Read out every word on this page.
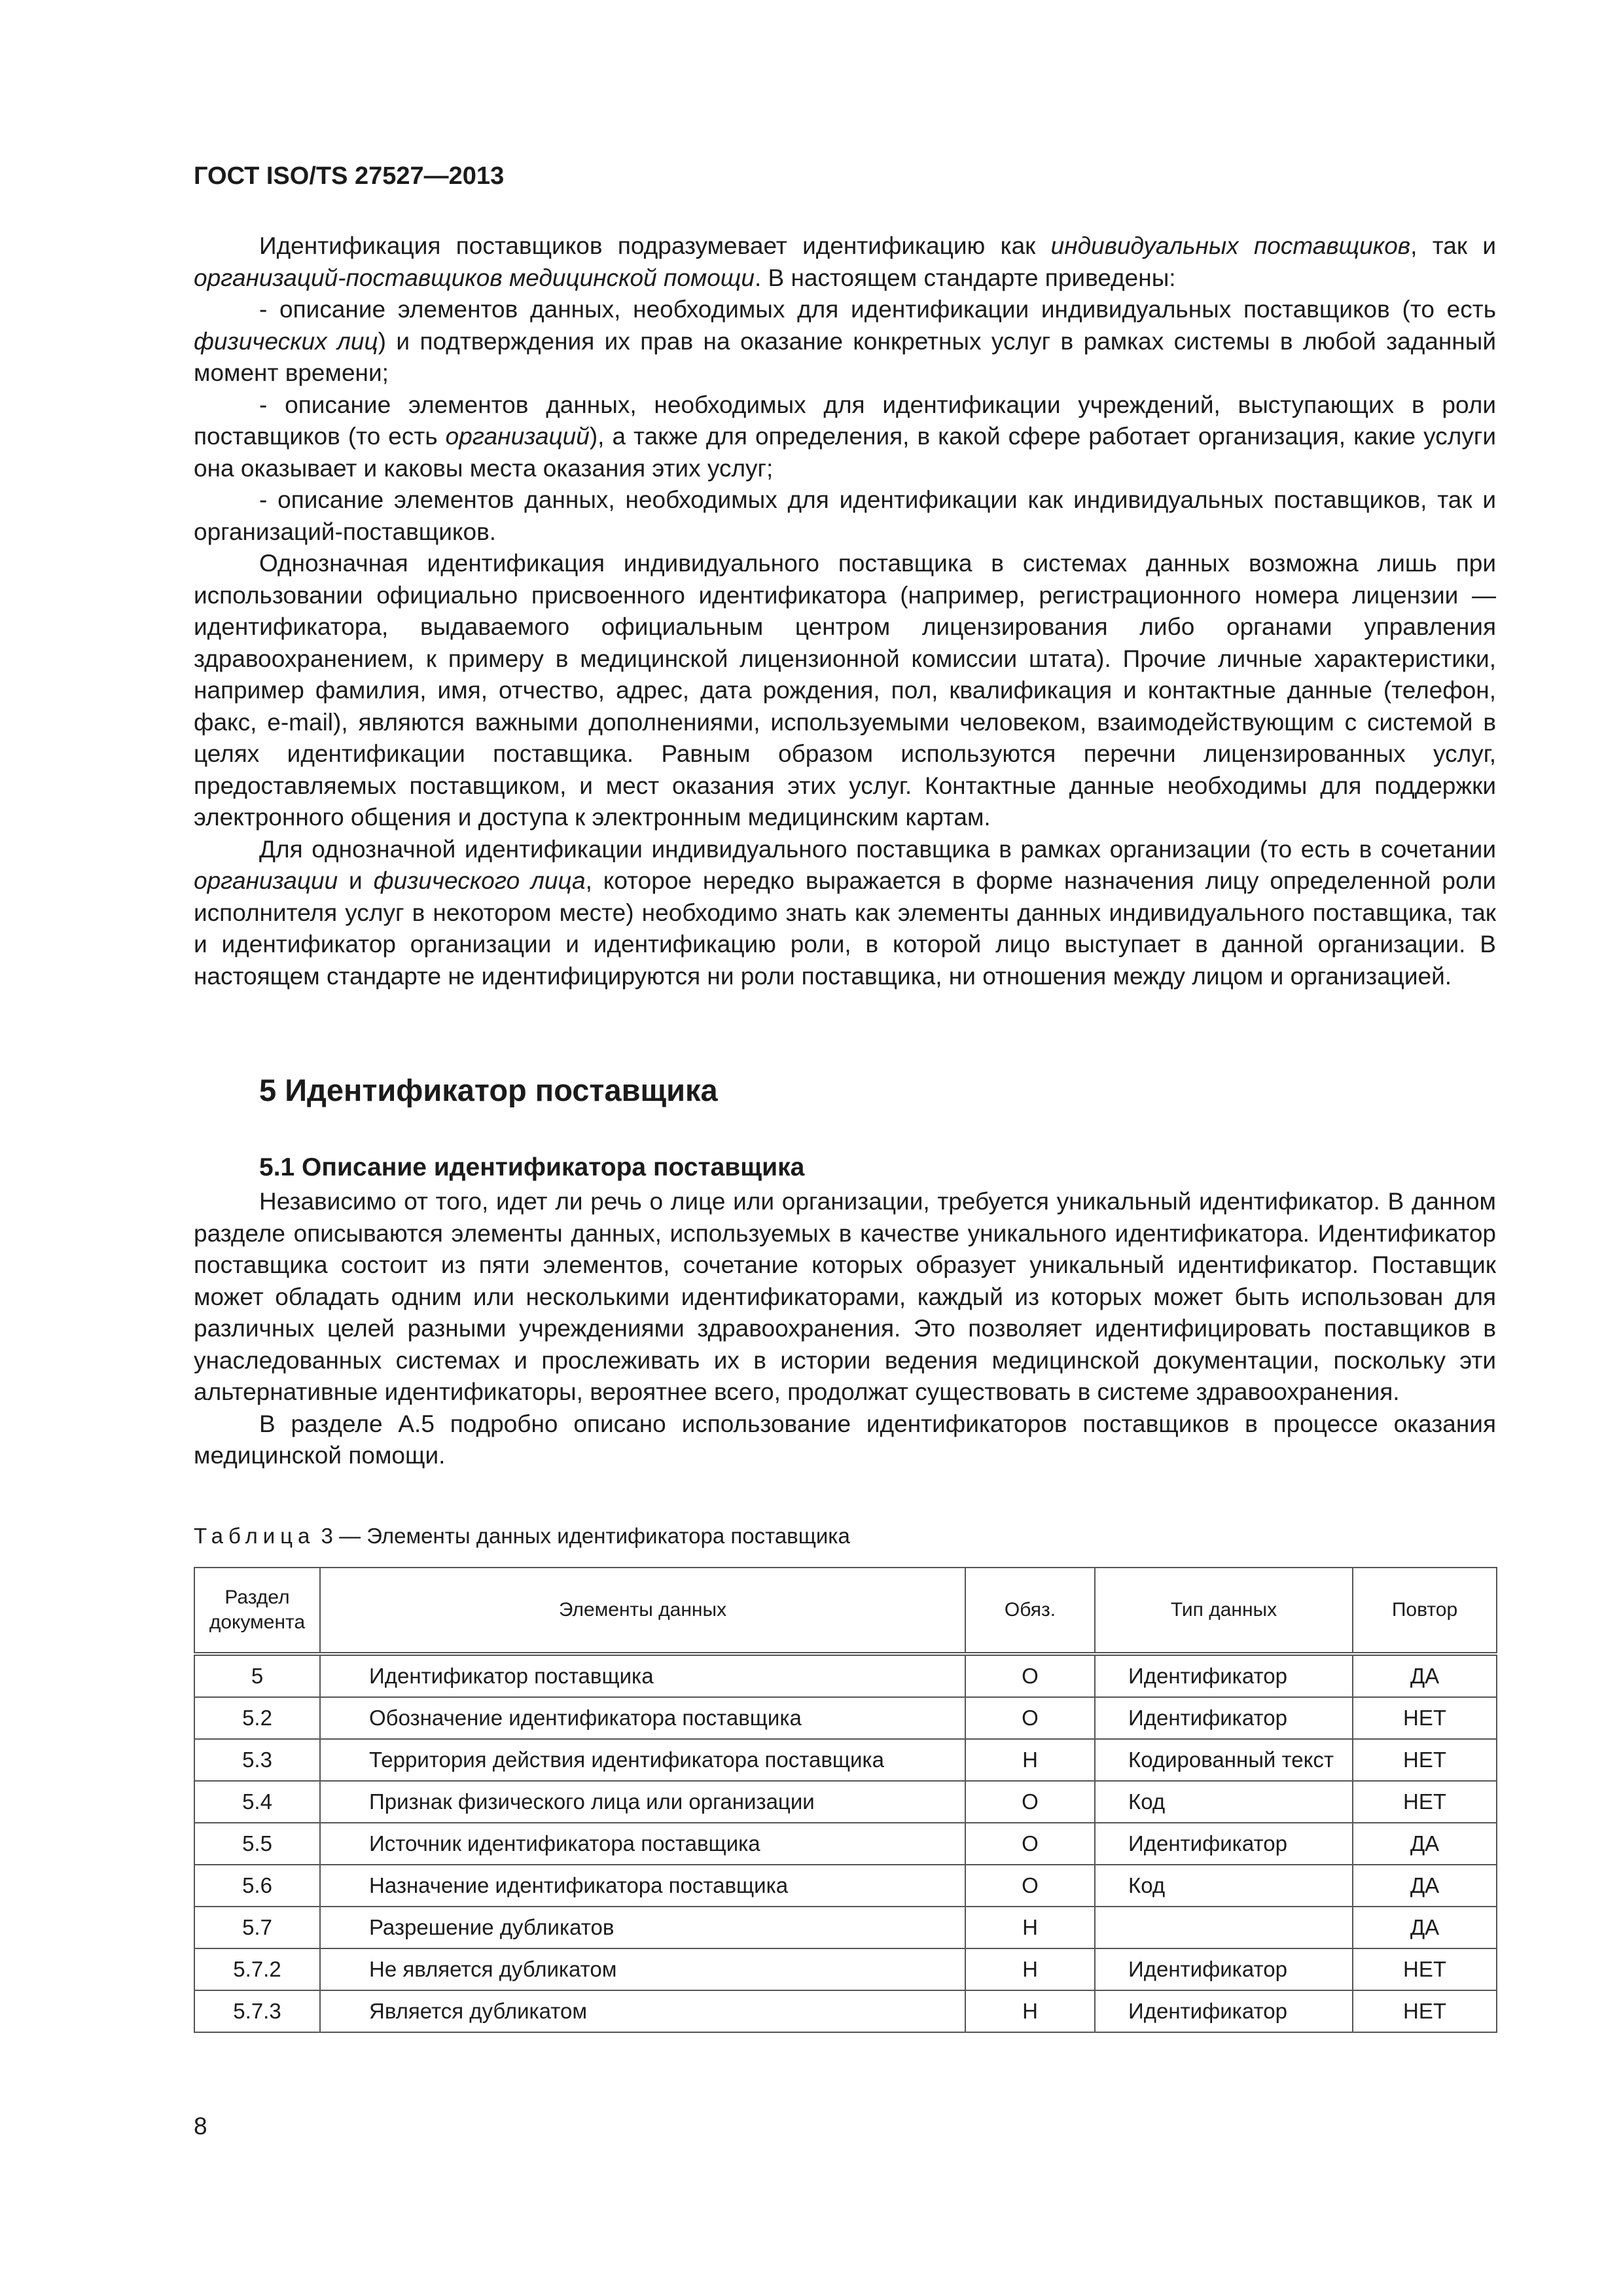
ГОСТ ISO/TS 27527—2013

Идентификация поставщиков подразумевает идентификацию как индивидуальных поставщиков, так и организаций-поставщиков медицинской помощи. В настоящем стандарте приведены:

- описание элементов данных, необходимых для идентификации индивидуальных поставщиков (то есть физических лиц) и подтверждения их прав на оказание конкретных услуг в рамках системы в любой заданный момент времени;

- описание элементов данных, необходимых для идентификации учреждений, выступающих в роли поставщиков (то есть организаций), а также для определения, в какой сфере работает организация, какие услуги она оказывает и каковы места оказания этих услуг;

- описание элементов данных, необходимых для идентификации как индивидуальных поставщиков, так и организаций-поставщиков.

Однозначная идентификация индивидуального поставщика в системах данных возможна лишь при использовании официально присвоенного идентификатора (например, регистрационного номера лицензии — идентификатора, выдаваемого официальным центром лицензирования либо органами управления здравоохранением, к примеру в медицинской лицензионной комиссии штата). Прочие личные характеристики, например фамилия, имя, отчество, адрес, дата рождения, пол, квалификация и контактные данные (телефон, факс, e-mail), являются важными дополнениями, используемыми человеком, взаимодействующим с системой в целях идентификации поставщика. Равным образом используются перечни лицензированных услуг, предоставляемых поставщиком, и мест оказания этих услуг. Контактные данные необходимы для поддержки электронного общения и доступа к электронным медицинским картам.

Для однозначной идентификации индивидуального поставщика в рамках организации (то есть в сочетании организации и физического лица, которое нередко выражается в форме назначения лицу определенной роли исполнителя услуг в некотором месте) необходимо знать как элементы данных индивидуального поставщика, так и идентификатор организации и идентификацию роли, в которой лицо выступает в данной организации. В настоящем стандарте не идентифицируются ни роли поставщика, ни отношения между лицом и организацией.

5 Идентификатор поставщика
5.1 Описание идентификатора поставщика

Независимо от того, идет ли речь о лице или организации, требуется уникальный идентификатор. В данном разделе описываются элементы данных, используемых в качестве уникального идентификатора. Идентификатор поставщика состоит из пяти элементов, сочетание которых образует уникальный идентификатор. Поставщик может обладать одним или несколькими идентификаторами, каждый из которых может быть использован для различных целей разными учреждениями здравоохранения. Это позволяет идентифицировать поставщиков в унаследованных системах и прослеживать их в истории ведения медицинской документации, поскольку эти альтернативные идентификаторы, вероятнее всего, продолжат существовать в системе здравоохранения.

В разделе А.5 подробно описано использование идентификаторов поставщиков в процессе оказания медицинской помощи.

Таблица 3 — Элементы данных идентификатора поставщика
Раздел документа	Элементы данных	Обяз.	Тип данных	Повтор
5	Идентификатор поставщика	О	Идентификатор	ДА
5.2	Обозначение идентификатора поставщика	О	Идентификатор	НЕТ
5.3	Территория действия идентификатора поставщика	Н	Кодированный текст	НЕТ
5.4	Признак физического лица или организации	О	Код	НЕТ
5.5	Источник идентификатора поставщика	О	Идентификатор	ДА
5.6	Назначение идентификатора поставщика	О	Код	ДА
5.7	Разрешение дубликатов	Н		ДА
5.7.2	Не является дубликатом	Н	Идентификатор	НЕТ
5.7.3	Является дубликатом	Н	Идентификатор	НЕТ
8
